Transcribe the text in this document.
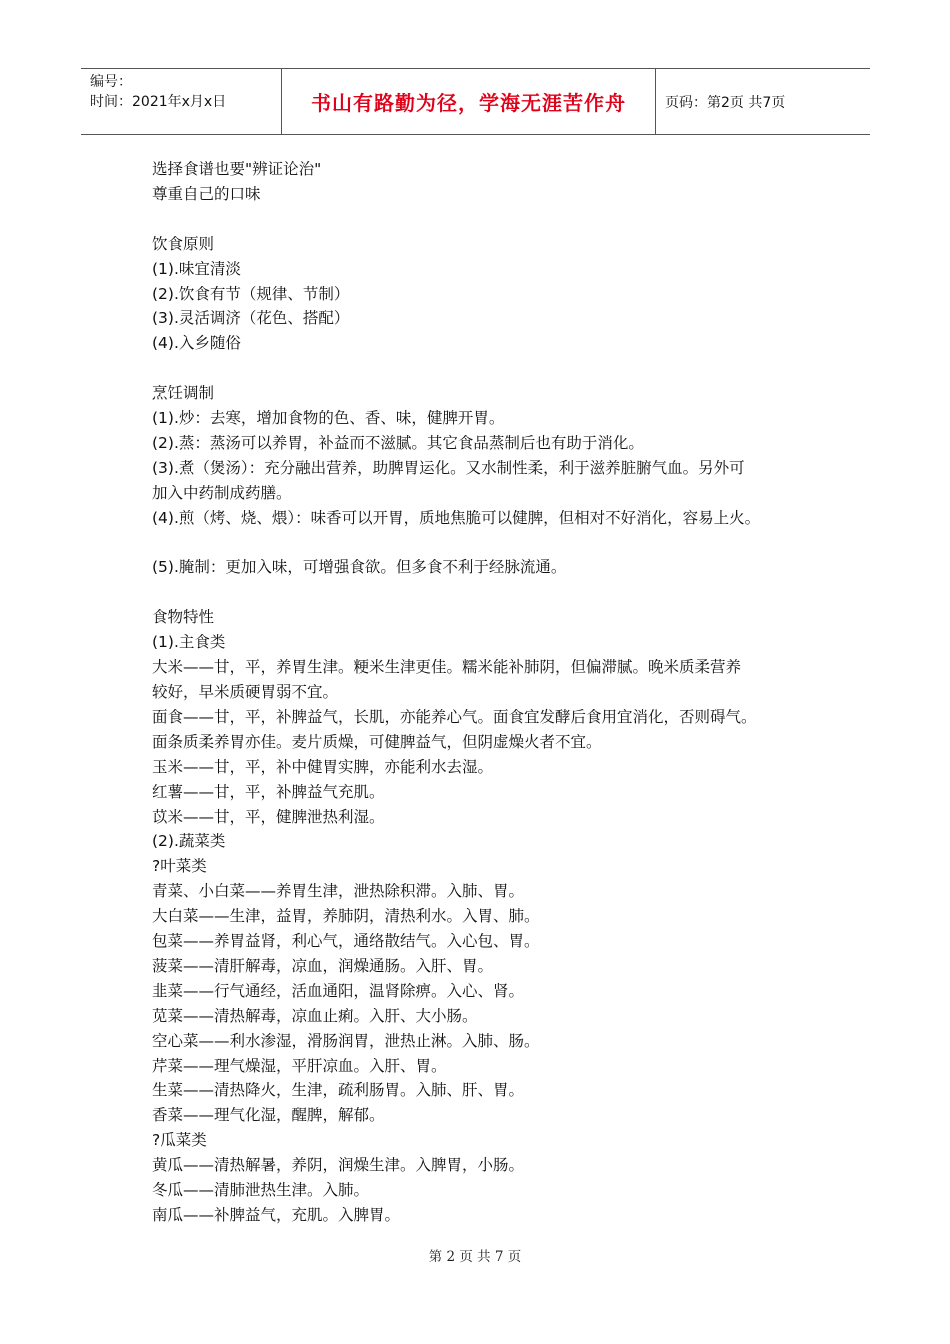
编号：
时间：2021年x月x日	书山有路勤为径，学海无涯苦作舟	页码：第2页 共7页
选择食谱也要"辨证论治"
尊重自己的口味
饮食原则
(1).味宜清淡
(2).饮食有节（规律、节制）
(3).灵活调济（花色、搭配）
(4).入乡随俗
烹饪调制
(1).炒：去寒，增加食物的色、香、味，健脾开胃。
(2).蒸：蒸汤可以养胃，补益而不滋腻。其它食品蒸制后也有助于消化。
(3).煮（煲汤）：充分融出营养，助脾胃运化。又水制性柔，利于滋养脏腑气血。另外可
加入中药制成药膳。
(4).煎（烤、烧、煨）：味香可以开胃，质地焦脆可以健脾，但相对不好消化，容易上火。
(5).腌制：更加入味，可增强食欲。但多食不利于经脉流通。
食物特性
(1).主食类
大米——甘，平，养胃生津。粳米生津更佳。糯米能补肺阴，但偏滞腻。晚米质柔营养
较好，早米质硬胃弱不宜。
面食——甘，平，补脾益气，长肌，亦能养心气。面食宜发酵后食用宜消化，否则碍气。
面条质柔养胃亦佳。麦片质燥，可健脾益气，但阴虚燥火者不宜。
玉米——甘，平，补中健胃实脾，亦能利水去湿。
红薯——甘，平，补脾益气充肌。
苡米——甘，平，健脾泄热利湿。
(2).蔬菜类
?叶菜类
青菜、小白菜——养胃生津，泄热除积滞。入肺、胃。
大白菜——生津，益胃，养肺阴，清热利水。入胃、肺。
包菜——养胃益肾，利心气，通络散结气。入心包、胃。
菠菜——清肝解毒，凉血，润燥通肠。入肝、胃。
韭菜——行气通经，活血通阳，温肾除痹。入心、肾。
苋菜——清热解毒，凉血止痢。入肝、大小肠。
空心菜——利水渗湿，滑肠润胃，泄热止淋。入肺、肠。
芹菜——理气燥湿，平肝凉血。入肝、胃。
生菜——清热降火，生津，疏利肠胃。入肺、肝、胃。
香菜——理气化湿，醒脾，解郁。
?瓜菜类
黄瓜——清热解暑，养阴，润燥生津。入脾胃，小肠。
冬瓜——清肺泄热生津。入肺。
南瓜——补脾益气，充肌。入脾胃。
第 2 页 共 7 页
